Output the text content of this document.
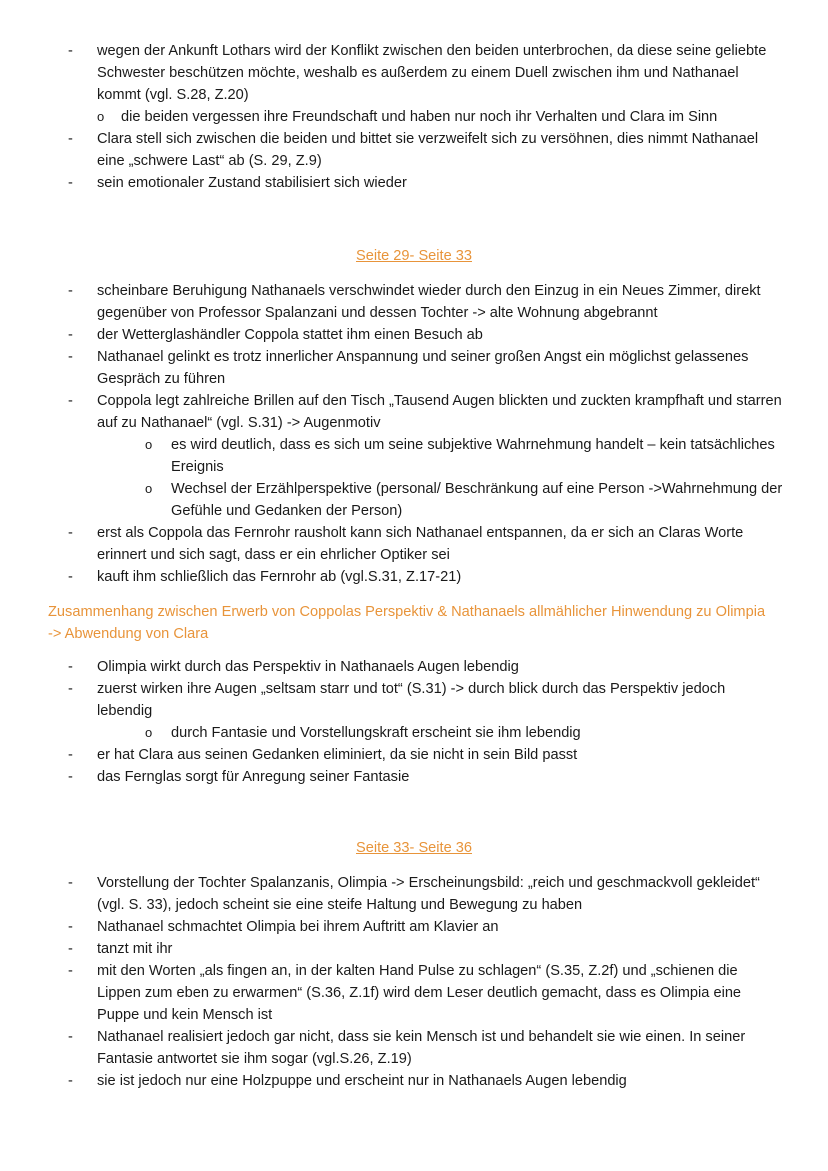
- wegen der Ankunft Lothars wird der Konflikt zwischen den beiden unterbrochen, da diese seine geliebte Schwester beschützen möchte, weshalb es außerdem zu einem Duell zwischen ihm und Nathanael kommt (vgl. S.28, Z.20)
o die beiden vergessen ihre Freundschaft und haben nur noch ihr Verhalten und Clara im Sinn
- Clara stell sich zwischen die beiden und bittet sie verzweifelt sich zu versöhnen, dies nimmt Nathanael eine „schwere Last“ ab (S. 29, Z.9)
- sein emotionaler Zustand stabilisiert sich wieder

Seite 29- Seite 33

- scheinbare Beruhigung Nathanaels verschwindet wieder durch den Einzug in ein Neues Zimmer, direkt gegenüber von Professor Spalanzani und dessen Tochter -> alte Wohnung abgebrannt
- der Wetterglashändler Coppola stattet ihm einen Besuch ab
- Nathanael gelinkt es trotz innerlicher Anspannung und seiner großen Angst ein möglichst gelassenes Gespräch zu führen
- Coppola legt zahlreiche Brillen auf den Tisch „Tausend Augen blickten und zuckten krampfhaft und starren auf zu Nathanael“ (vgl. S.31) -> Augenmotiv
o es wird deutlich, dass es sich um seine subjektive Wahrnehmung handelt – kein tatsächliches Ereignis
o Wechsel der Erzählperspektive (personal/ Beschränkung auf eine Person ->Wahrnehmung der Gefühle und Gedanken der Person)
- erst als Coppola das Fernrohr rausholt kann sich Nathanael entspannen, da er sich an Claras Worte erinnert und sich sagt, dass er ein ehrlicher Optiker sei
- kauft ihm schließlich das Fernrohr ab (vgl.S.31, Z.17-21)

Zusammenhang zwischen Erwerb von Coppolas Perspektiv & Nathanaels allmählicher Hinwendung zu Olimpia -> Abwendung von Clara

- Olimpia wirkt durch das Perspektiv in Nathanaels Augen lebendig
- zuerst wirken ihre Augen „seltsam starr und tot“ (S.31) -> durch blick durch das Perspektiv jedoch lebendig
o durch Fantasie und Vorstellungskraft erscheint sie ihm lebendig
- er hat Clara aus seinen Gedanken eliminiert, da sie nicht in sein Bild passt
- das Fernglas sorgt für Anregung seiner Fantasie

Seite 33- Seite 36

- Vorstellung der Tochter Spalanzanis, Olimpia -> Erscheinungsbild: „reich und geschmackvoll gekleidet“ (vgl. S. 33), jedoch scheint sie eine steife Haltung und Bewegung zu haben
- Nathanael schmachtet Olimpia bei ihrem Auftritt am Klavier an
- tanzt mit ihr
- mit den Worten „als fingen an, in der kalten Hand Pulse zu schlagen“ (S.35, Z.2f) und „schienen die Lippen zum eben zu erwarmen“ (S.36, Z.1f) wird dem Leser deutlich gemacht, dass es Olimpia eine Puppe und kein Mensch ist
- Nathanael realisiert jedoch gar nicht, dass sie kein Mensch ist und behandelt sie wie einen. In seiner Fantasie antwortet sie ihm sogar (vgl.S.26, Z.19)
- sie ist jedoch nur eine Holzpuppe und erscheint nur in Nathanaels Augen lebendig
